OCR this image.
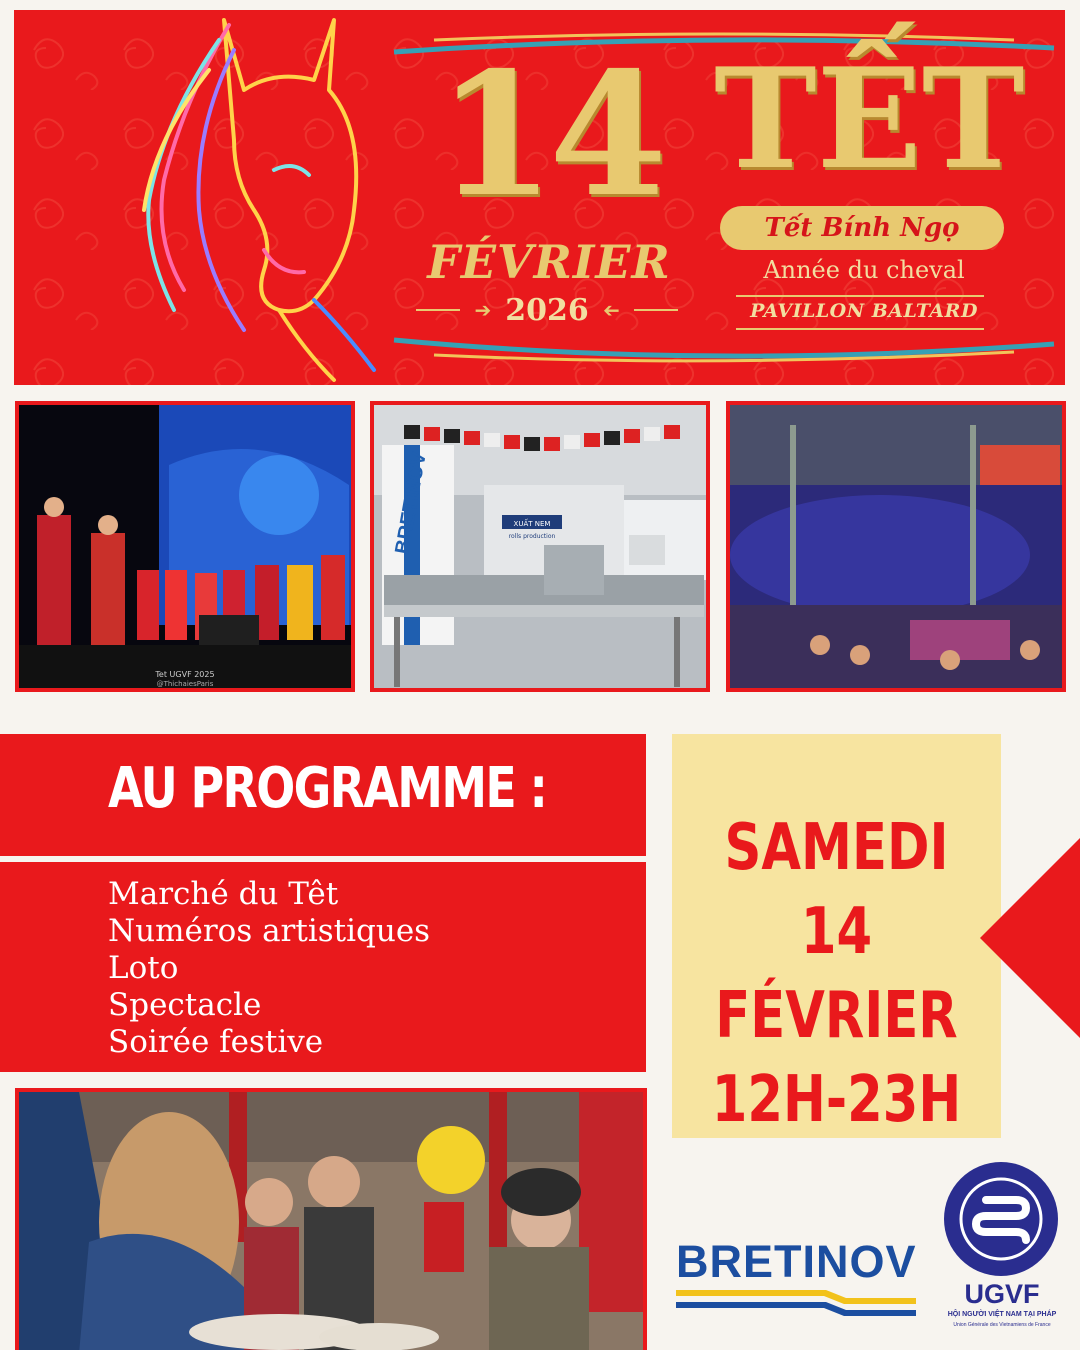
14
FÉVRIER
➔ 2026 ➔
TẾT
Tết Bính Ngọ
Année du cheval
PAVILLON BALTARD
Tet UGVF 2025
@ThichaiesParis
BRETINOV	XUẤT NEM
rolls production
AU PROGRAMME :
Marché du Têt
Numéros artistiques
Loto
Spectacle
Soirée festive
SAMEDI
14 FÉVRIER
12H-23H
BRETINOV
UGVF
HỘI NGƯỜI VIỆT NAM TẠI PHÁP
Union Générale des Vietnamiens de France
